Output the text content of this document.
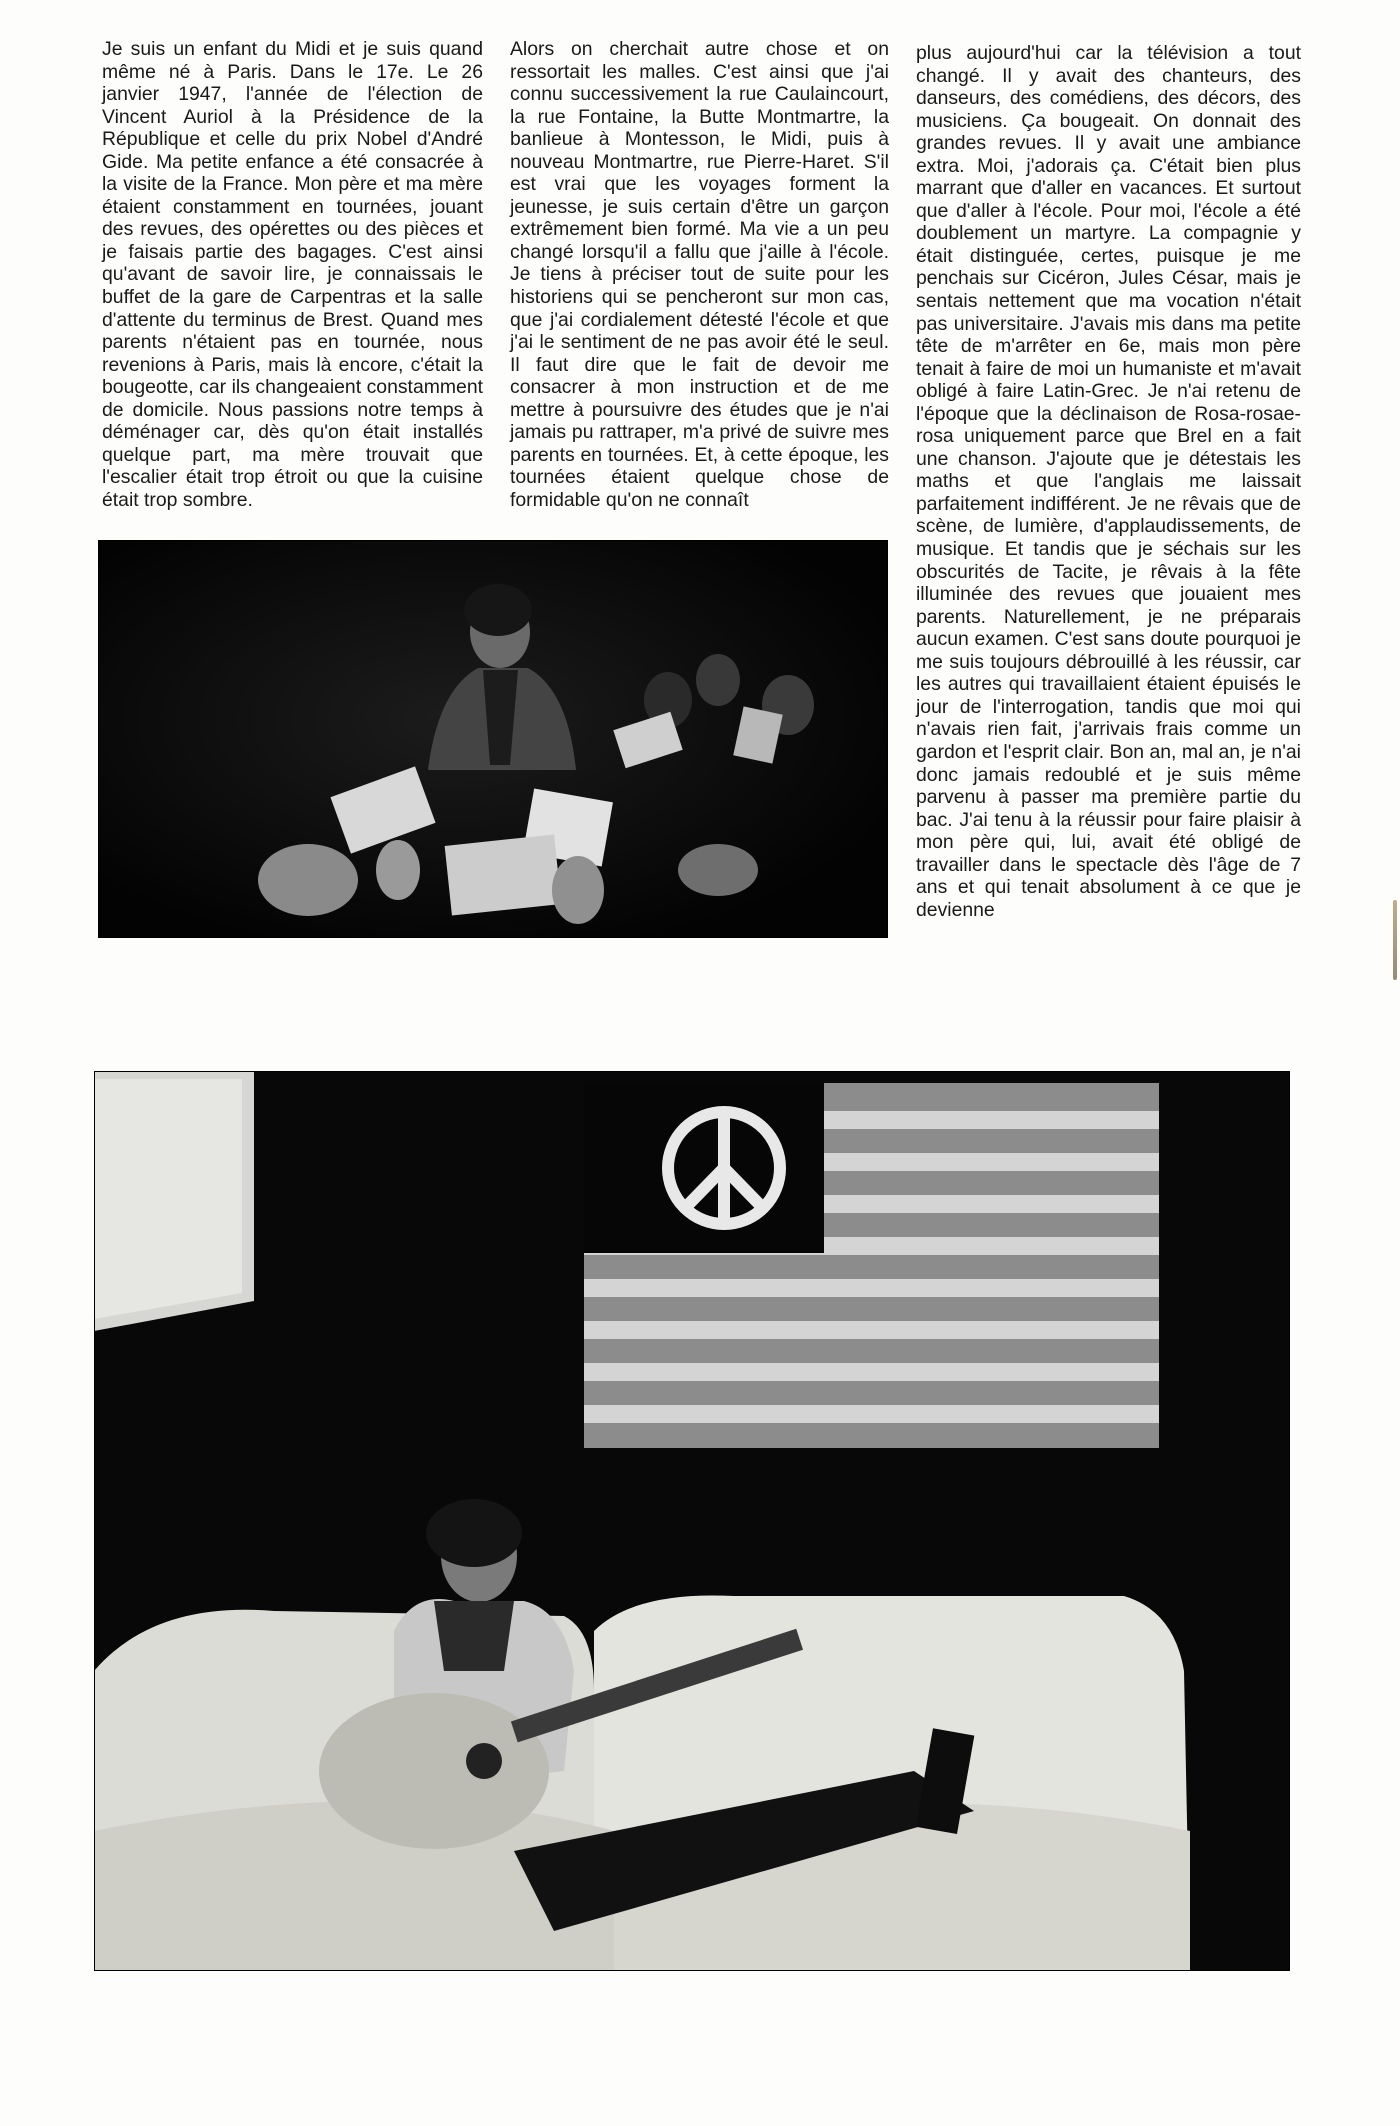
Je suis un enfant du Midi et je suis quand même né à Paris. Dans le 17e. Le 26 janvier 1947, l'année de l'élection de Vincent Auriol à la Présidence de la République et celle du prix Nobel d'André Gide. Ma petite enfance a été consacrée à la visite de la France. Mon père et ma mère étaient constamment en tournées, jouant des revues, des opérettes ou des pièces et je faisais partie des bagages. C'est ainsi qu'avant de savoir lire, je connaissais le buffet de la gare de Carpentras et la salle d'attente du terminus de Brest. Quand mes parents n'étaient pas en tournée, nous revenions à Paris, mais là encore, c'était la bougeotte, car ils changeaient constamment de domicile. Nous passions notre temps à déménager car, dès qu'on était installés quelque part, ma mère trouvait que l'escalier était trop étroit ou que la cuisine était trop sombre.

Alors on cherchait autre chose et on ressortait les malles. C'est ainsi que j'ai connu successivement la rue Caulaincourt, la rue Fontaine, la Butte Montmartre, la banlieue à Montesson, le Midi, puis à nouveau Montmartre, rue Pierre-Haret. S'il est vrai que les voyages forment la jeunesse, je suis certain d'être un garçon extrêmement bien formé. Ma vie a un peu changé lorsqu'il a fallu que j'aille à l'école. Je tiens à préciser tout de suite pour les historiens qui se pencheront sur mon cas, que j'ai cordialement détesté l'école et que j'ai le sentiment de ne pas avoir été le seul. Il faut dire que le fait de devoir me consacrer à mon instruction et de me mettre à poursuivre des études que je n'ai jamais pu rattraper, m'a privé de suivre mes parents en tournées. Et, à cette époque, les tournées étaient quelque chose de formidable qu'on ne connaît

plus aujourd'hui car la télévision a tout changé. Il y avait des chanteurs, des danseurs, des comédiens, des décors, des musiciens. Ça bougeait. On donnait des grandes revues. Il y avait une ambiance extra. Moi, j'adorais ça. C'était bien plus marrant que d'aller en vacances. Et surtout que d'aller à l'école. Pour moi, l'école a été doublement un martyre. La compagnie y était distinguée, certes, puisque je me penchais sur Cicéron, Jules César, mais je sentais nettement que ma vocation n'était pas universitaire. J'avais mis dans ma petite tête de m'arrêter en 6e, mais mon père tenait à faire de moi un humaniste et m'avait obligé à faire Latin-Grec. Je n'ai retenu de l'époque que la déclinaison de Rosa-rosae-rosa uniquement parce que Brel en a fait une chanson. J'ajoute que je détestais les maths et que l'anglais me laissait parfaitement indifférent. Je ne rêvais que de scène, de lumière, d'applaudissements, de musique. Et tandis que je séchais sur les obscurités de Tacite, je rêvais à la fête illuminée des revues que jouaient mes parents. Naturellement, je ne préparais aucun examen. C'est sans doute pourquoi je me suis toujours débrouillé à les réussir, car les autres qui travaillaient étaient épuisés le jour de l'interrogation, tandis que moi qui n'avais rien fait, j'arrivais frais comme un gardon et l'esprit clair. Bon an, mal an, je n'ai donc jamais redoublé et je suis même parvenu à passer ma première partie du bac. J'ai tenu à la réussir pour faire plaisir à mon père qui, lui, avait été obligé de travailler dans le spectacle dès l'âge de 7 ans et qui tenait absolument à ce que je devienne
